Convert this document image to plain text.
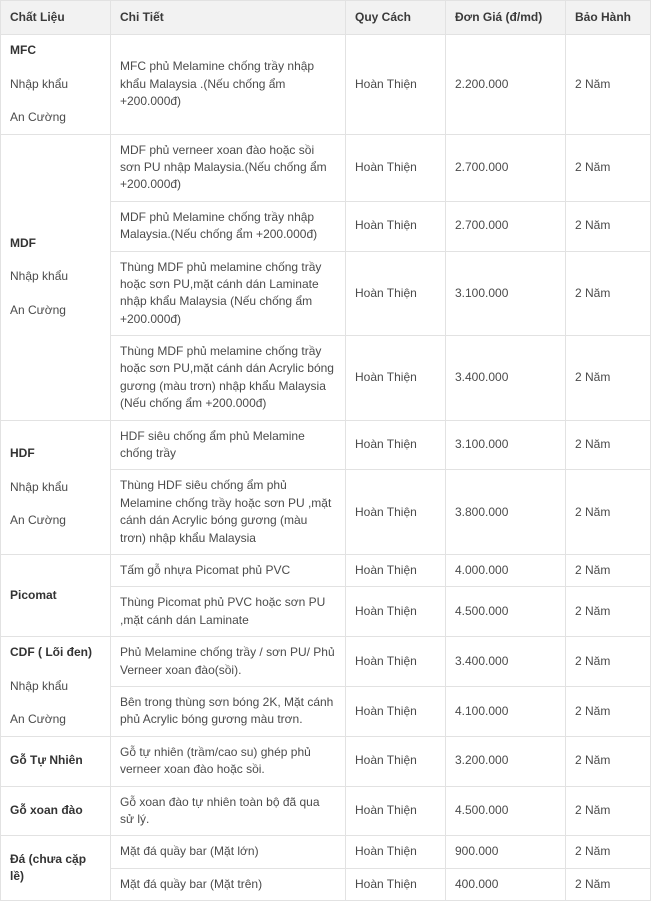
Chất Liệu	Chi Tiết	Quy Cách	Đơn Giá (đ/md)	Bảo Hành

MFC
Nhập khẩu
An Cường	MFC phủ Melamine chống trầy nhập khẩu Malaysia .(Nếu chống ẩm +200.000đ)	Hoàn Thiện	2.200.000	2 Năm

MDF
Nhập khẩu
An Cường	MDF phủ verneer xoan đào hoặc sồi sơn PU nhập Malaysia.(Nếu chống ẩm +200.000đ)	Hoàn Thiện	2.700.000	2 Năm
	MDF phủ Melamine chống trầy nhập Malaysia.(Nếu chống ẩm +200.000đ)	Hoàn Thiện	2.700.000	2 Năm
	Thùng MDF phủ melamine chống trầy hoặc sơn PU,mặt cánh dán Laminate nhập khẩu Malaysia (Nếu chống ẩm +200.000đ)	Hoàn Thiện	3.100.000	2 Năm
	Thùng MDF phủ melamine chống trầy hoặc sơn PU,mặt cánh dán Acrylic bóng gương (màu trơn) nhập khẩu Malaysia (Nếu chống ẩm +200.000đ)	Hoàn Thiện	3.400.000	2 Năm

HDF
Nhập khẩu
An Cường	HDF siêu chống ẩm phủ Melamine chống trầy	Hoàn Thiện	3.100.000	2 Năm
	Thùng HDF siêu chống ẩm phủ Melamine chống trầy hoặc sơn PU ,mặt cánh dán Acrylic bóng gương (màu trơn) nhập khẩu Malaysia	Hoàn Thiện	3.800.000	2 Năm

Picomat	Tấm gỗ nhựa Picomat phủ PVC	Hoàn Thiện	4.000.000	2 Năm
	Thùng Picomat phủ PVC hoặc sơn PU ,mặt cánh dán Laminate	Hoàn Thiện	4.500.000	2 Năm

CDF ( Lõi đen)
Nhập khẩu
An Cường	Phủ Melamine chống trầy / sơn PU/ Phủ Verneer xoan đào(sồi).	Hoàn Thiện	3.400.000	2 Năm
	Bên trong thùng sơn bóng 2K, Mặt cánh phủ Acrylic bóng gương màu trơn.	Hoàn Thiện	4.100.000	2 Năm

Gỗ Tự Nhiên	Gỗ tự nhiên (trầm/cao su) ghép phủ verneer xoan đào hoặc sồi.	Hoàn Thiện	3.200.000	2 Năm

Gỗ xoan đào	Gỗ xoan đào tự nhiên toàn bộ đã qua sử lý.	Hoàn Thiện	4.500.000	2 Năm

Đá (chưa cặp lề)	Mặt đá quầy bar (Mặt lớn)	Hoàn Thiện	900.000	2 Năm
	Mặt đá quầy bar (Mặt trên)	Hoàn Thiện	400.000	2 Năm
